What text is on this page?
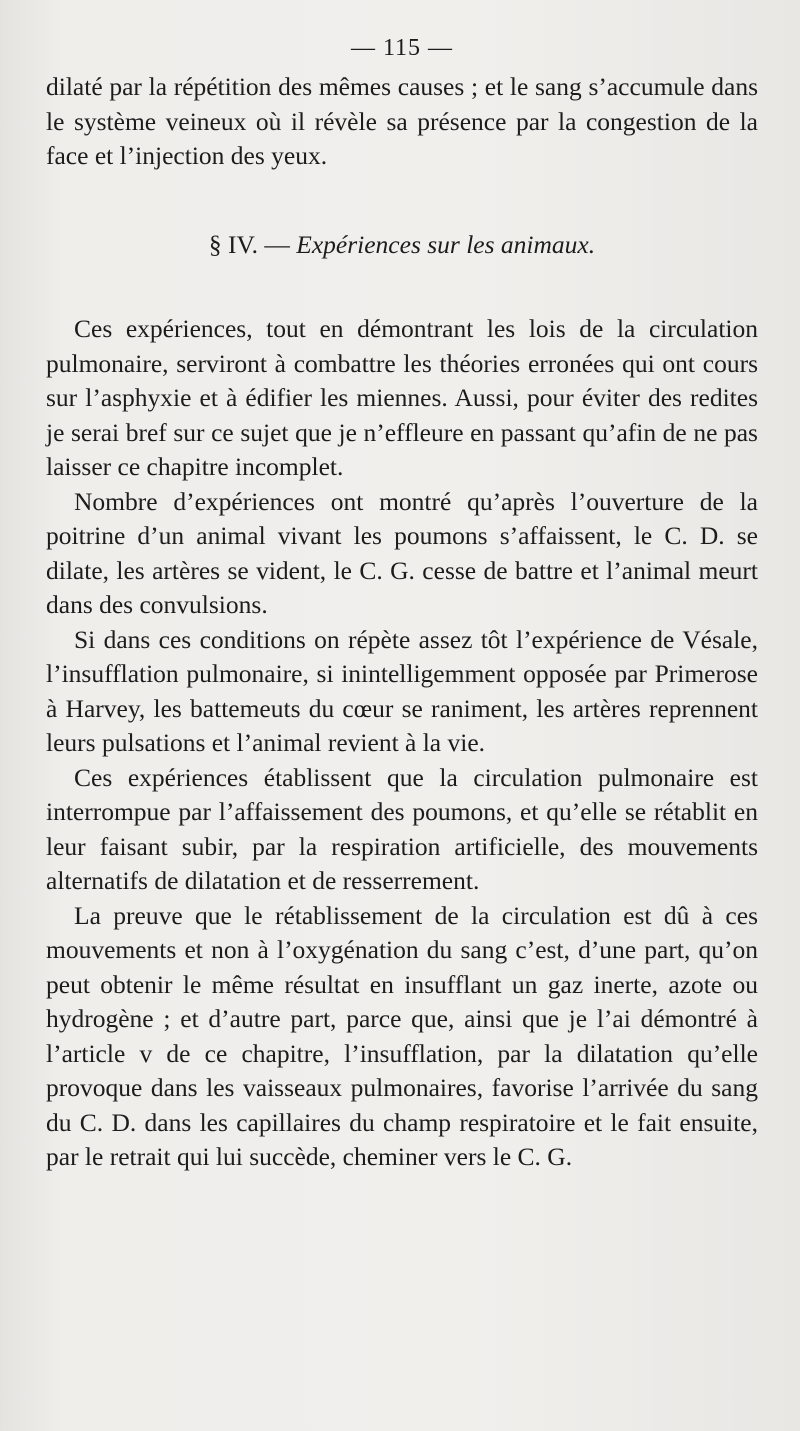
— 115 —

dilaté par la répétition des mêmes causes ; et le sang s’accumule dans le système veineux où il révèle sa présence par la congestion de la face et l’injection des yeux.

§ IV. — Expériences sur les animaux.

Ces expériences, tout en démontrant les lois de la circulation pulmonaire, serviront à combattre les théories erronées qui ont cours sur l’asphyxie et à édifier les miennes. Aussi, pour éviter des redites je serai bref sur ce sujet que je n’effleure en passant qu’afin de ne pas laisser ce chapitre incomplet.

Nombre d’expériences ont montré qu’après l’ouverture de la poitrine d’un animal vivant les poumons s’affaissent, le C. D. se dilate, les artères se vident, le C. G. cesse de battre et l’animal meurt dans des convulsions.

Si dans ces conditions on répète assez tôt l’expérience de Vésale, l’insufflation pulmonaire, si inintelligemment opposée par Primerose à Harvey, les battemeuts du cœur se raniment, les artères reprennent leurs pulsations et l’animal revient à la vie.

Ces expériences établissent que la circulation pulmonaire est interrompue par l’affaissement des poumons, et qu’elle se rétablit en leur faisant subir, par la respiration artificielle, des mouvements alternatifs de dilatation et de resserrement.

La preuve que le rétablissement de la circulation est dû à ces mouvements et non à l’oxygénation du sang c’est, d’une part, qu’on peut obtenir le même résultat en insufflant un gaz inerte, azote ou hydrogène ; et d’autre part, parce que, ainsi que je l’ai démontré à l’article v de ce chapitre, l’insufflation, par la dilatation qu’elle provoque dans les vaisseaux pulmonaires, favorise l’arrivée du sang du C. D. dans les capillaires du champ respiratoire et le fait ensuite, par le retrait qui lui succède, cheminer vers le C. G.
